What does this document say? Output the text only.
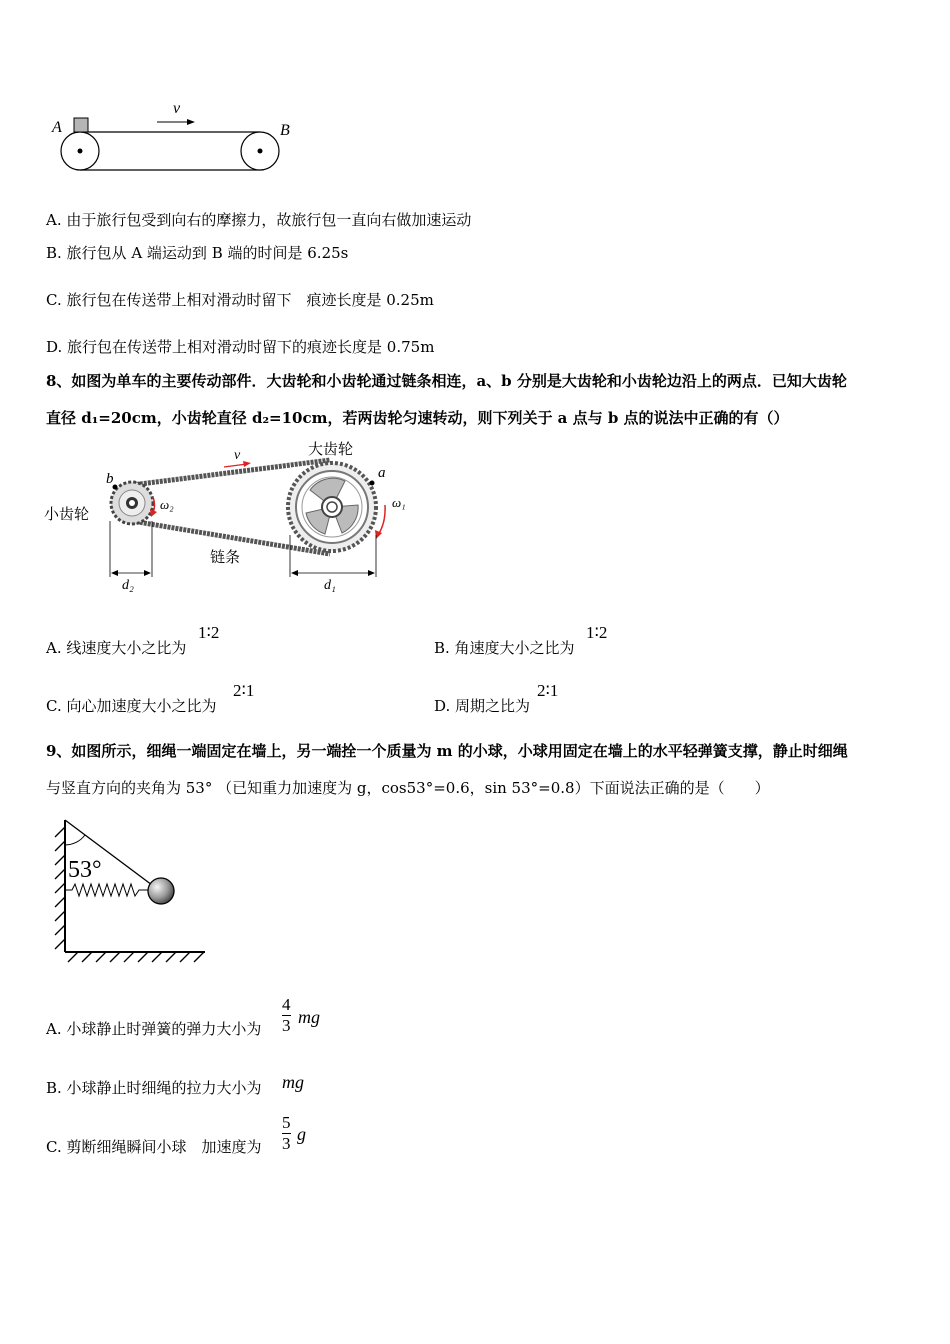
A	B
v
A. 由于旅行包受到向右的摩擦力，故旅行包一直向右做加速运动
B. 旅行包从 A 端运动到 B 端的时间是 6.25s
C. 旅行包在传送带上相对滑动时留下　痕迹长度是 0.25m
D. 旅行包在传送带上相对滑动时留下的痕迹长度是 0.75m
8、如图为单车的主要传动部件．大齿轮和小齿轮通过链条相连，a、b 分别是大齿轮和小齿轮边沿上的两点．已知大齿轮
直径 d₁=20cm，小齿轮直径 d₂=10cm，若两齿轮匀速转动，则下列关于 a 点与 b 点的说法中正确的有（）
大齿轮
小齿轮
链条
a
b
v
ω₁
ω₂
d₂	d₁
A. 线速度大小之比为
1∶2
B. 角速度大小之比为
1∶2
C. 向心加速度大小之比为
2∶1
D. 周期之比为
2∶1
9、如图所示，细绳一端固定在墙上，另一端拴一个质量为 m 的小球，小球用固定在墙上的水平轻弹簧支撑，静止时细绳
与竖直方向的夹角为 53° （已知重力加速度为 g，cos53°=0.6，sin 53°=0.8）下面说法正确的是（　　）
53°
A. 小球静止时弹簧的弹力大小为
4
3 mg
B. 小球静止时细绳的拉力大小为 mg
C. 剪断细绳瞬间小球　加速度为
5
3 g
